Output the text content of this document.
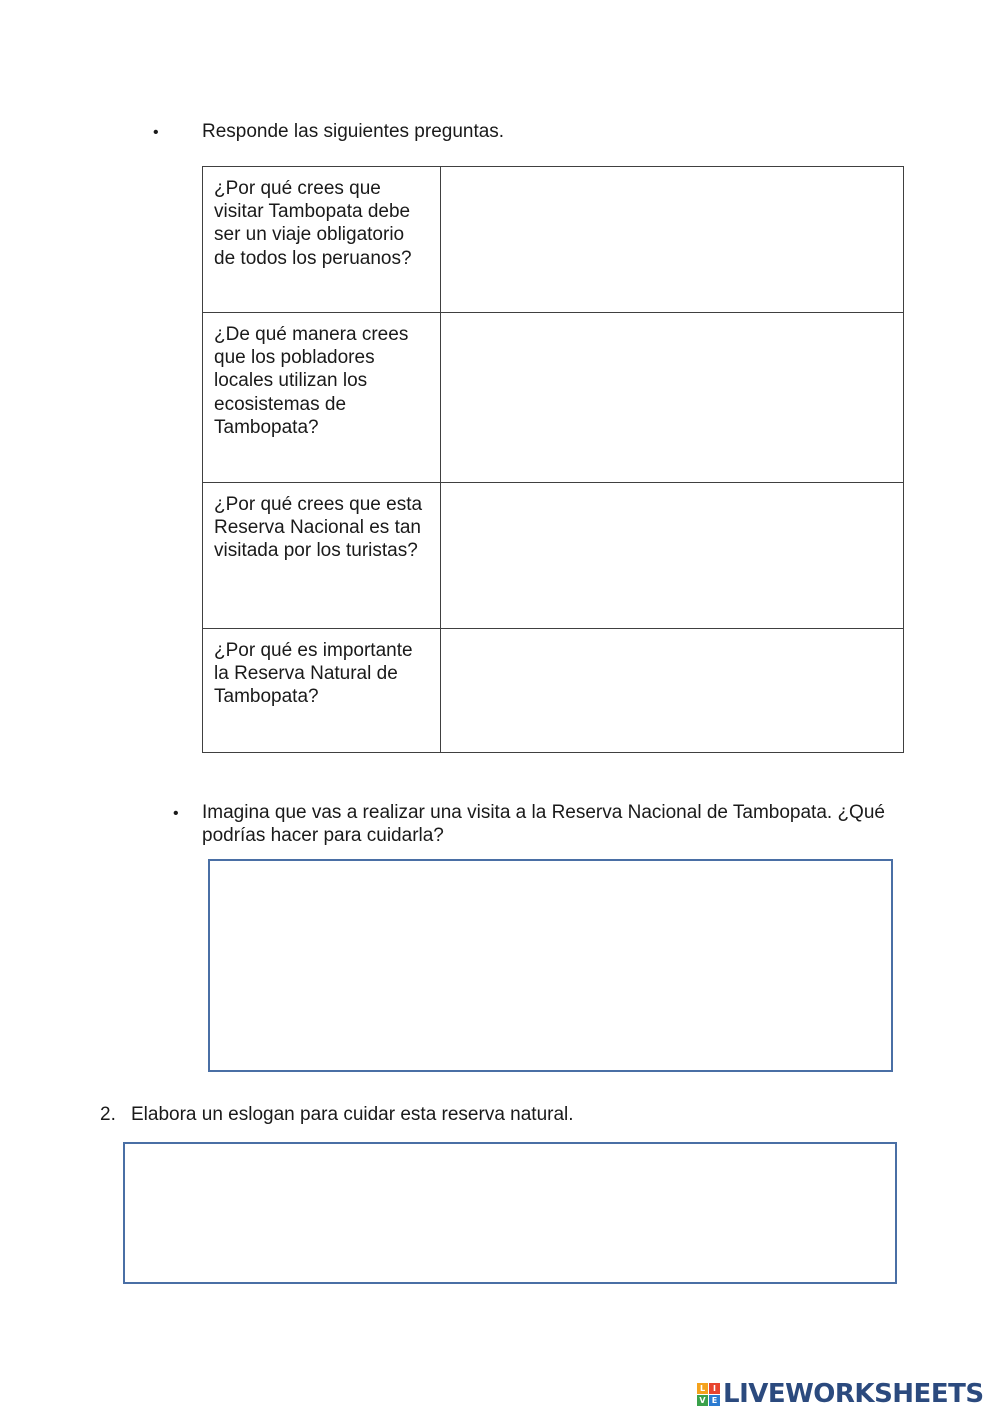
• Responde las siguientes preguntas.
¿Por qué crees que visitar Tambopata debe ser un viaje obligatorio de todos los peruanos?	

¿De qué manera crees que los pobladores locales utilizan los ecosistemas de Tambopata?	

¿Por qué crees que esta Reserva Nacional es tan visitada por los turistas?	

¿Por qué es importante la Reserva Natural de Tambopata?	

• Imagina que vas a realizar una visita a la Reserva Nacional de Tambopata. ¿Qué podrías hacer para cuidarla?
2. Elabora un eslogan para cuidar esta reserva natural.
L I
V E LIVEWORKSHEETS
